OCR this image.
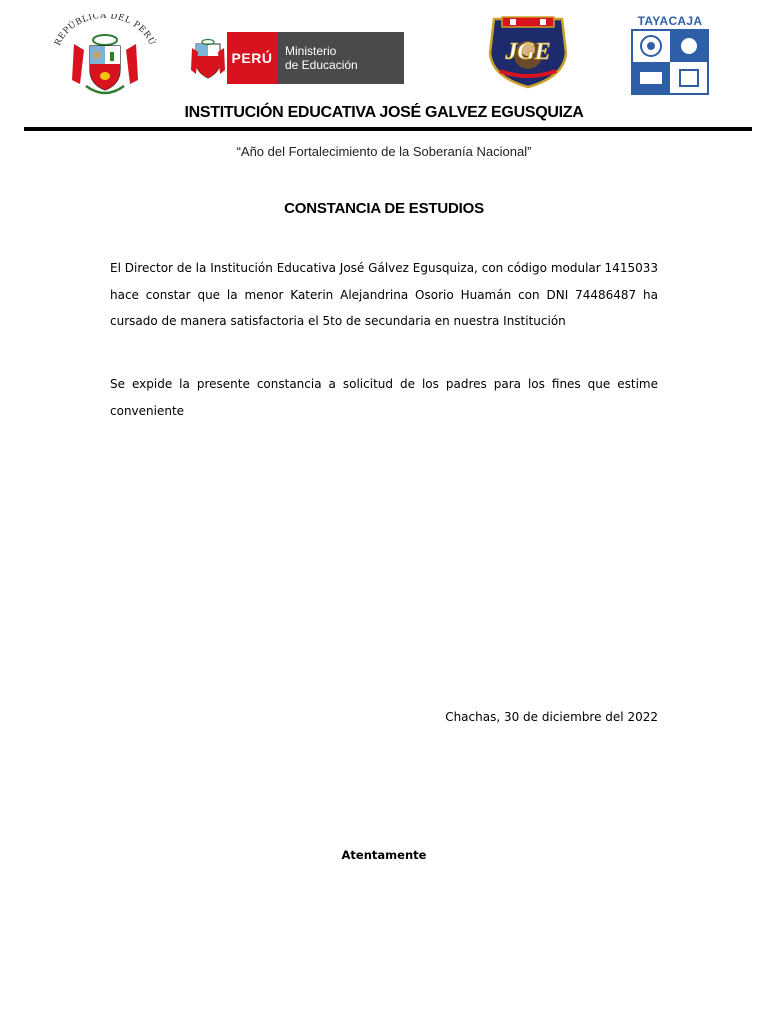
REPÚBLICA DEL PERÚ
PERÚ	Ministerio
de Educación	JGE
TAYACAJA
INSTITUCIÓN EDUCATIVA JOSÉ GALVEZ EGUSQUIZA
“Año del Fortalecimiento de la Soberanía Nacional”
CONSTANCIA DE ESTUDIOS
El Director de la Institución Educativa José Gálvez Egusquiza, con código modular 1415033 hace constar que la menor Katerin Alejandrina Osorio Huamán con DNI 74486487 ha cursado de manera satisfactoria el 5to de secundaria en nuestra Institución
Se expide la presente constancia a solicitud de los padres para los fines que estime conveniente
Chachas, 30 de diciembre del 2022
Atentamente
